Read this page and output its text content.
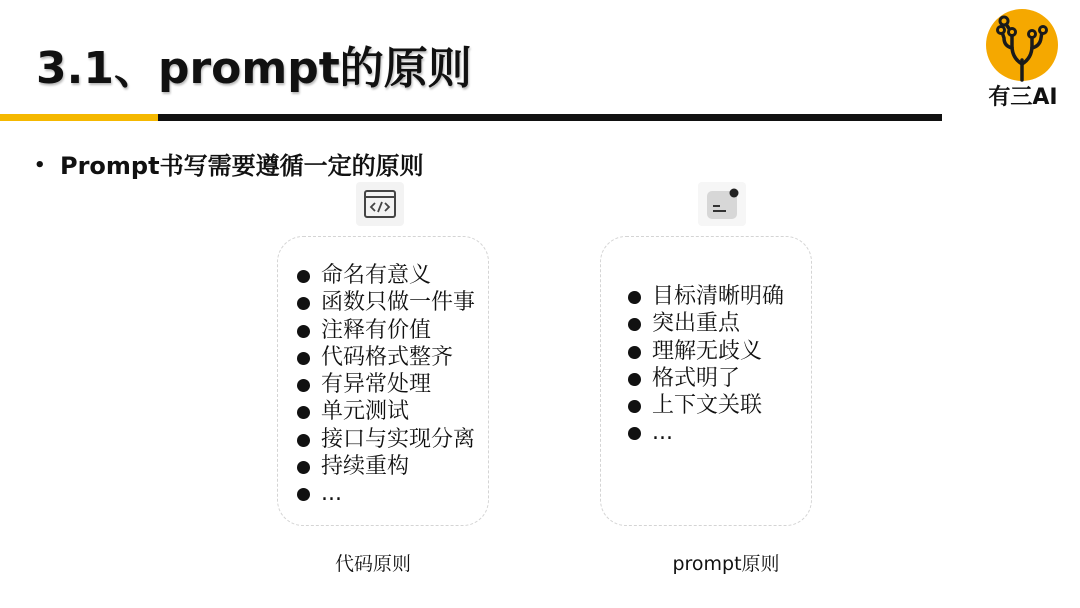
3.1、prompt的原则
有三AI
• Prompt书写需要遵循一定的原则
命名有意义
函数只做一件事
注释有价值
代码格式整齐
有异常处理
单元测试
接口与实现分离
持续重构
...
目标清晰明确
突出重点
理解无歧义
格式明了
上下文关联
...
代码原则	prompt原则
